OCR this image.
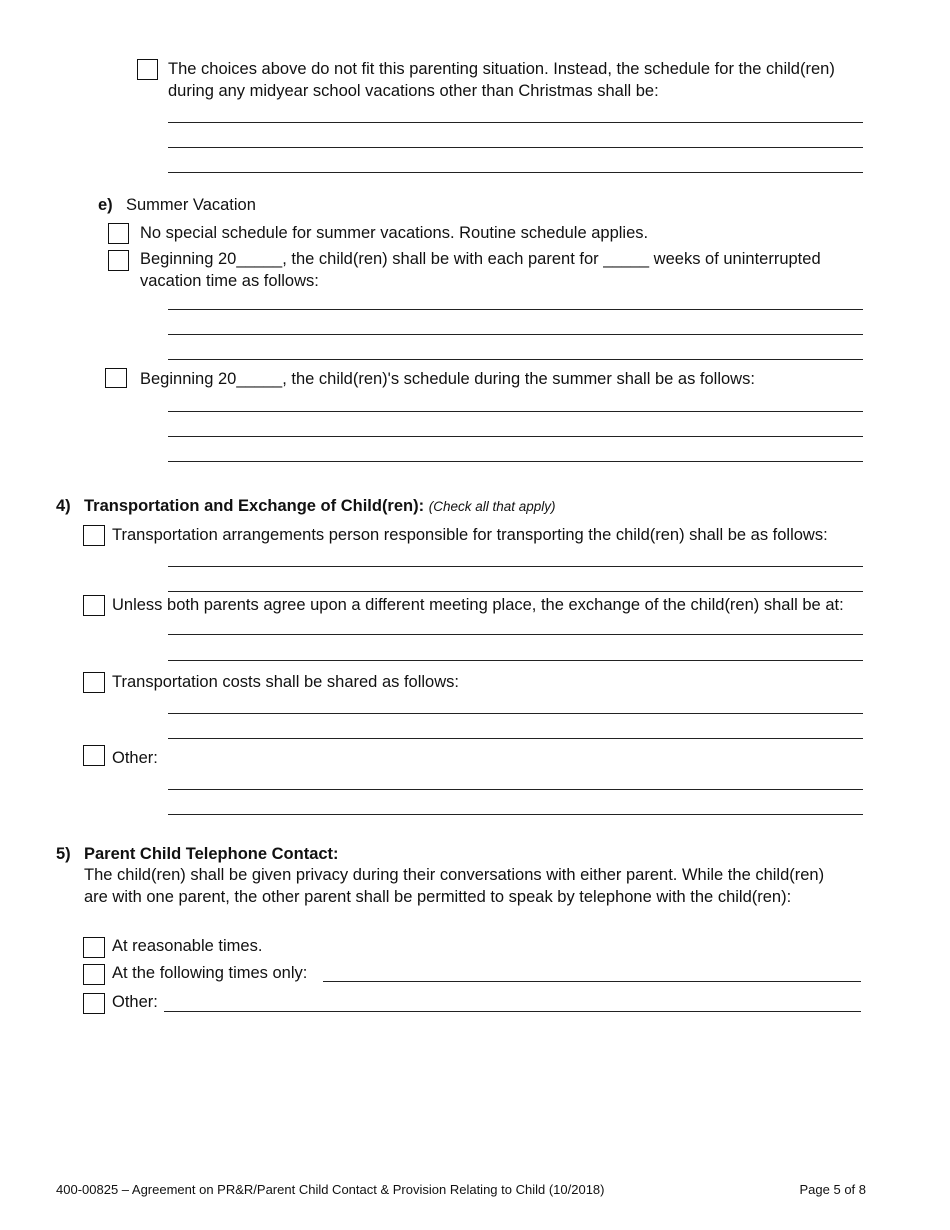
The choices above do not fit this parenting situation. Instead, the schedule for the child(ren) during any midyear school vacations other than Christmas shall be:
e) Summer Vacation
No special schedule for summer vacations. Routine schedule applies.
Beginning 20_____, the child(ren) shall be with each parent for _____ weeks of uninterrupted vacation time as follows:
Beginning 20_____, the child(ren)'s schedule during the summer shall be as follows:
4) Transportation and Exchange of Child(ren): (Check all that apply)
Transportation arrangements person responsible for transporting the child(ren) shall be as follows:
Unless both parents agree upon a different meeting place, the exchange of the child(ren) shall be at:
Transportation costs shall be shared as follows:
Other:
5) Parent Child Telephone Contact:
The child(ren) shall be given privacy during their conversations with either parent. While the child(ren) are with one parent, the other parent shall be permitted to speak by telephone with the child(ren):
At reasonable times.
At the following times only:
Other:
400-00825 – Agreement on PR&R/Parent Child Contact & Provision Relating to Child (10/2018)	Page 5 of 8
